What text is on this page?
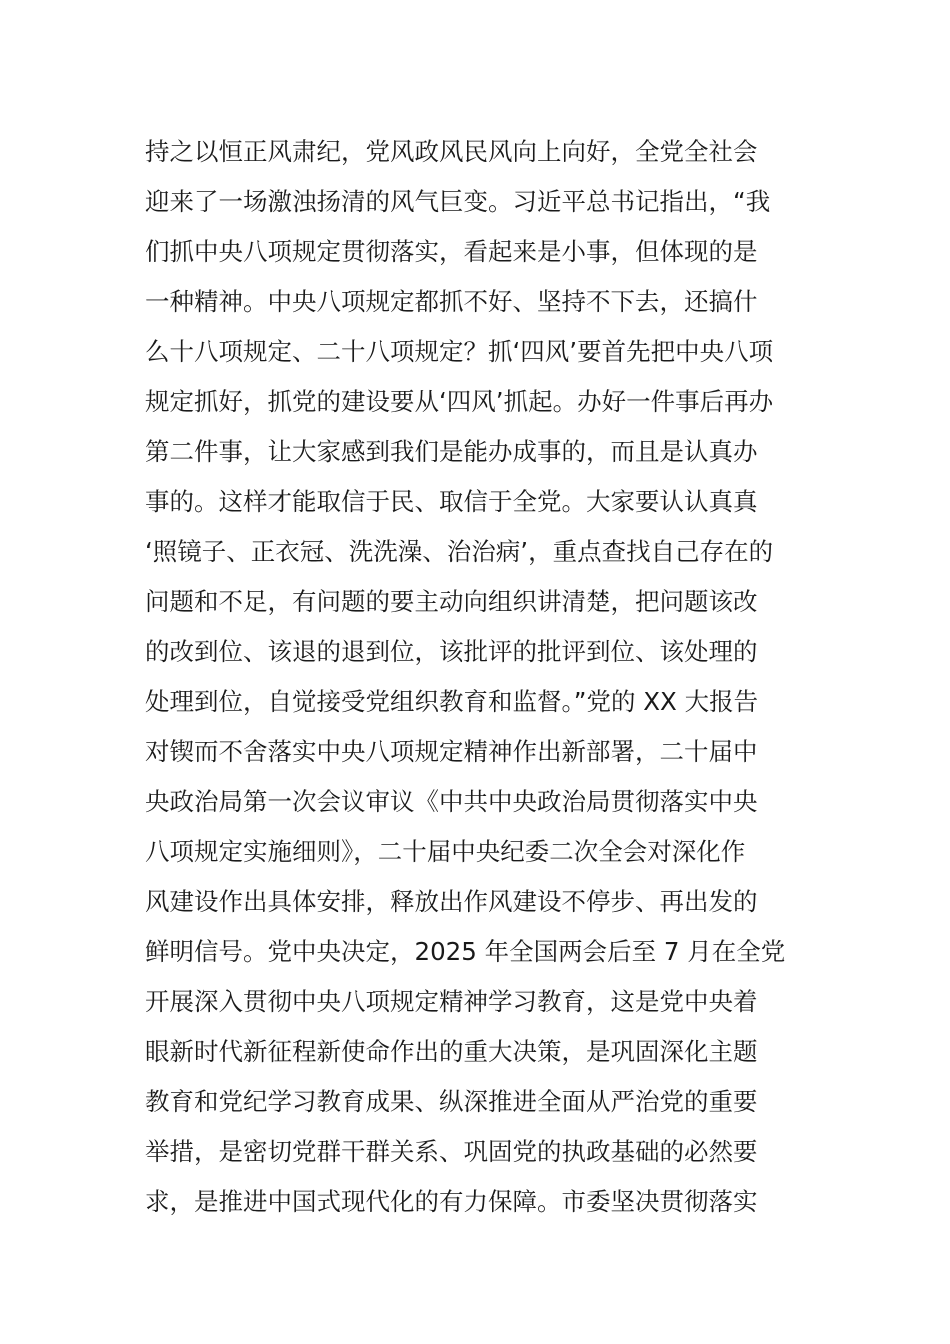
持之以恒正风肃纪，党风政风民风向上向好，全党全社会
迎来了一场激浊扬清的风气巨变。习近平总书记指出，“我
们抓中央八项规定贯彻落实，看起来是小事，但体现的是
一种精神。中央八项规定都抓不好、坚持不下去，还搞什
么十八项规定、二十八项规定？抓‘四风’要首先把中央八项
规定抓好，抓党的建设要从‘四风’抓起。办好一件事后再办
第二件事，让大家感到我们是能办成事的，而且是认真办
事的。这样才能取信于民、取信于全党。大家要认认真真
‘照镜子、正衣冠、洗洗澡、治治病’，重点查找自己存在的
问题和不足，有问题的要主动向组织讲清楚，把问题该改
的改到位、该退的退到位，该批评的批评到位、该处理的
处理到位，自觉接受党组织教育和监督。”党的 XX 大报告
对锲而不舍落实中央八项规定精神作出新部署，二十届中
央政治局第一次会议审议《中共中央政治局贯彻落实中央
八项规定实施细则》，二十届中央纪委二次全会对深化作
风建设作出具体安排，释放出作风建设不停步、再出发的
鲜明信号。党中央决定，2025 年全国两会后至 7 月在全党
开展深入贯彻中央八项规定精神学习教育，这是党中央着
眼新时代新征程新使命作出的重大决策，是巩固深化主题
教育和党纪学习教育成果、纵深推进全面从严治党的重要
举措，是密切党群干群关系、巩固党的执政基础的必然要
求，是推进中国式现代化的有力保障。市委坚决贯彻落实
